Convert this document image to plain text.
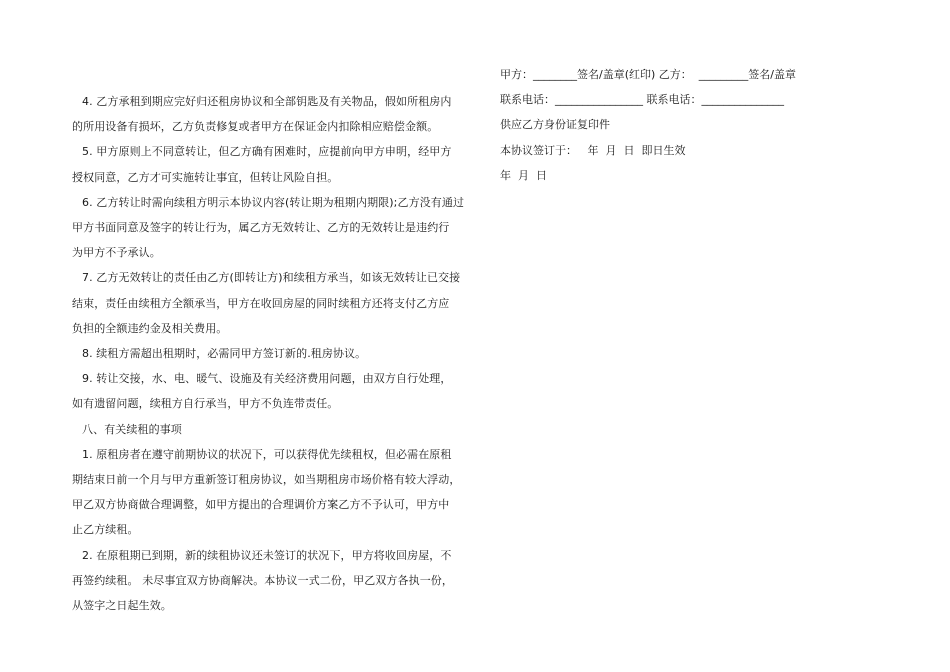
4. 乙方承租到期应完好归还租房协议和全部钥匙及有关物品，假如所租房内

的所用设备有损坏，乙方负责修复或者甲方在保证金内扣除相应赔偿金额。

5. 甲方原则上不同意转让，但乙方确有困难时，应提前向甲方申明，经甲方

授权同意，乙方才可实施转让事宜，但转让风险自担。

6. 乙方转让时需向续租方明示本协议内容(转让期为租期内期限);乙方没有通过

甲方书面同意及签字的转让行为，属乙方无效转让、乙方的无效转让是违约行

为甲方不予承认。

7. 乙方无效转让的责任由乙方(即转让方)和续租方承当，如该无效转让已交接

结束，责任由续租方全额承当，甲方在收回房屋的同时续租方还将支付乙方应

负担的全额违约金及相关费用。

8. 续租方需超出租期时，必需同甲方签订新的.租房协议。

9. 转让交接，水、电、暖气、设施及有关经济费用问题，由双方自行处理，

如有遗留问题，续租方自行承当，甲方不负连带责任。

八、有关续租的事项

1. 原租房者在遵守前期协议的状况下，可以获得优先续租权，但必需在原租

期结束日前一个月与甲方重新签订租房协议，如当期租房市场价格有较大浮动，

甲乙双方协商做合理调整，如甲方提出的合理调价方案乙方不予认可，甲方中

止乙方续租。

2. 在原租期已到期，新的续租协议还未签订的状况下，甲方将收回房屋，不

再签约续租。 未尽事宜双方协商解决。本协议一式二份，甲乙双方各执一份，

从签字之日起生效。

甲方：________签名/盖章(红印) 乙方：  _________签名/盖章

联系电话：________________ 联系电话：_______________

供应乙方身份证复印件

本协议签订于：   年  月  日  即日生效

年  月  日
